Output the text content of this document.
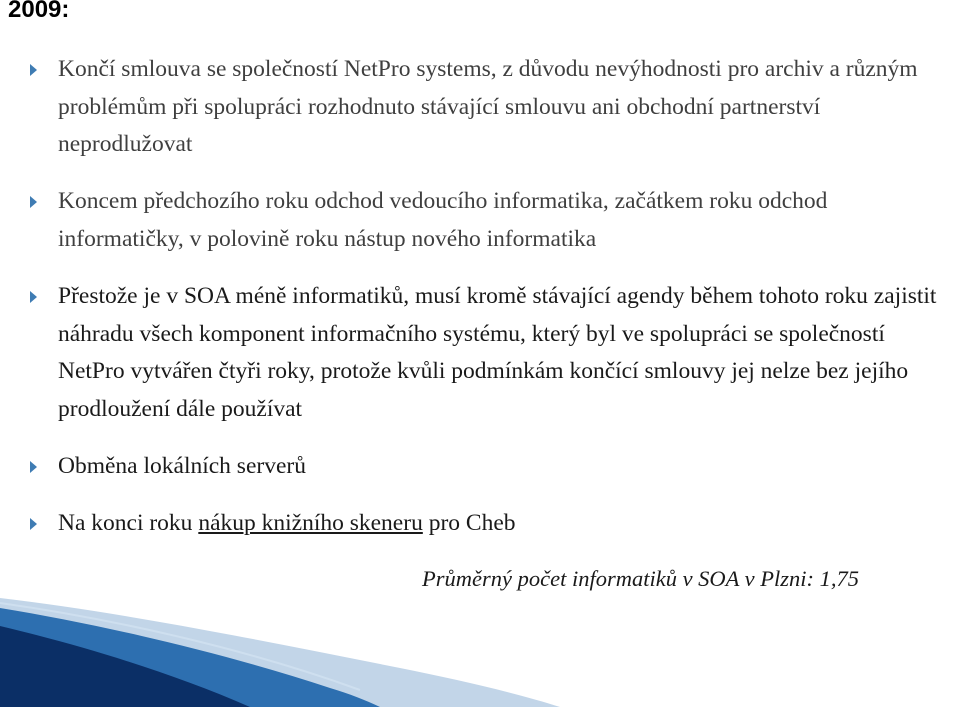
2009:
Končí smlouva se společností NetPro systems, z důvodu nevýhodnosti pro archiv a různým problémům při spolupráci rozhodnuto stávající smlouvu ani obchodní partnerství neprodlužovat
Koncem předchozího roku odchod vedoucího informatika, začátkem roku odchod informatičky, v polovině roku nástup nového informatika
Přestože je v SOA méně informatiků, musí kromě stávající agendy během tohoto roku zajistit náhradu všech komponent informačního systému, který byl ve spolupráci se společností NetPro vytvářen čtyři roky, protože kvůli podmínkám končící smlouvy jej nelze bez jejího prodloužení dále používat
Obměna lokálních serverů
Na konci roku nákup knižního skeneru pro Cheb
Průměrný počet informatiků v SOA v Plzni: 1,75
